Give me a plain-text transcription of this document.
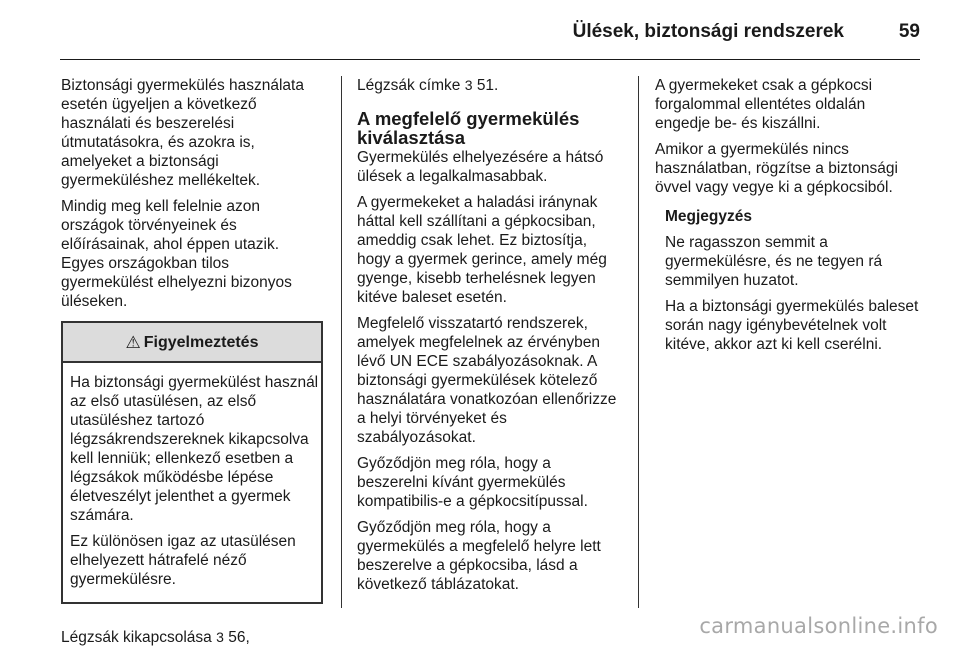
Ülések, biztonsági rendszerek	59

Biztonsági gyermekülés használata esetén ügyeljen a következő használati és beszerelési útmutatásokra, és azokra is, amelyeket a biztonsági gyermeküléshez mellékeltek.

Mindig meg kell felelnie azon országok törvényeinek és előírásainak, ahol éppen utazik. Egyes országokban tilos gyermekülést elhelyezni bizonyos üléseken.

⚠ Figyelmeztetés

Ha biztonsági gyermekülést használ az első utasülésen, az első utasüléshez tartozó légzsákrendszereknek kikapcsolva kell lenniük; ellenkező esetben a légzsákok működésbe lépése életveszélyt jelenthet a gyermek számára.

Ez különösen igaz az utasülésen elhelyezett hátrafelé néző gyermekülésre.

Légzsák kikapcsolása 3 56,

Légzsák címke 3 51.

A megfelelő gyermekülés kiválasztása

Gyermekülés elhelyezésére a hátsó ülések a legalkalmasabbak.

A gyermekeket a haladási iránynak háttal kell szállítani a gépkocsiban, ameddig csak lehet. Ez biztosítja, hogy a gyermek gerince, amely még gyenge, kisebb terhelésnek legyen kitéve baleset esetén.

Megfelelő visszatartó rendszerek, amelyek megfelelnek az érvényben lévő UN ECE szabályozásoknak. A biztonsági gyermekülések kötelező használatára vonatkozóan ellenőrizze a helyi törvényeket és szabályozásokat.

Győződjön meg róla, hogy a beszerelni kívánt gyermekülés kompatibilis-e a gépkocsitípussal.

Győződjön meg róla, hogy a gyermekülés a megfelelő helyre lett beszerelve a gépkocsiba, lásd a következő táblázatokat.

A gyermekeket csak a gépkocsi forgalommal ellentétes oldalán engedje be- és kiszállni.

Amikor a gyermekülés nincs használatban, rögzítse a biztonsági övvel vagy vegye ki a gépkocsiból.

Megjegyzés

Ne ragasszon semmit a gyermekülésre, és ne tegyen rá semmilyen huzatot.

Ha a biztonsági gyermekülés baleset során nagy igénybevételnek volt kitéve, akkor azt ki kell cserélni.

carmanualsonline.info
